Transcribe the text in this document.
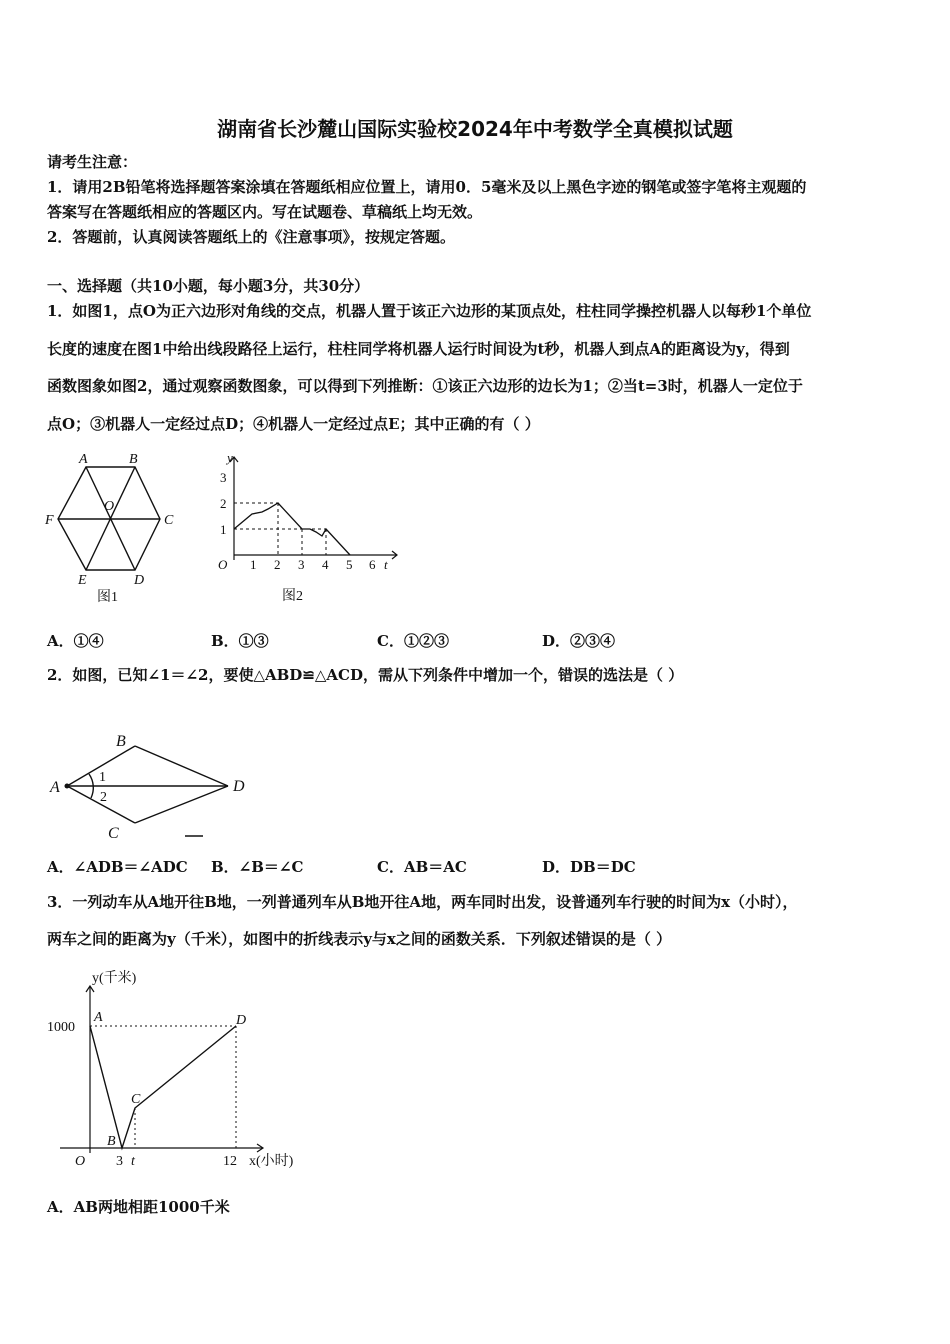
湖南省长沙麓山国际实验校2024年中考数学全真模拟试题
请考生注意：
1．请用2B铅笔将选择题答案涂填在答题纸相应位置上，请用0．5毫米及以上黑色字迹的钢笔或签字笔将主观题的
答案写在答题纸相应的答题区内。写在试题卷、草稿纸上均无效。
2．答题前，认真阅读答题纸上的《注意事项》，按规定答题。
一、选择题（共10小题，每小题3分，共30分）
1．如图1，点O为正六边形对角线的交点，机器人置于该正六边形的某顶点处，柱柱同学操控机器人以每秒1个单位
长度的速度在图1中给出线段路径上运行，柱柱同学将机器人运行时间设为t秒，机器人到点A的距离设为y，得到
函数图象如图2，通过观察函数图象，可以得到下列推断：①该正六边形的边长为1；②当t=3时，机器人一定位于
点O；③机器人一定经过点D；④机器人一定经过点E；其中正确的有（ ）
A	B
C
D
E
F
O
图1
y
t
O
1
2
3
1 2 3 4 5 6
图2
A．①④	B．①③	C．①②③	D．②③④
2．如图，已知∠1＝∠2，要使△ABD≌△ACD，需从下列条件中增加一个，错误的选法是（ ）
A
B
C
D
1
2
A．∠ADB＝∠ADC B．∠B＝∠C	C．AB＝AC	D．DB＝DC
3．一列动车从A地开往B地，一列普通列车从B地开往A地，两车同时出发，设普通列车行驶的时间为x（小时），
两车之间的距离为y（千米），如图中的折线表示y与x之间的函数关系．下列叙述错误的是（ ）
y(千米)
x(小时)
1000
O 3 t	12
A
B
C
D
A．AB两地相距1000千米
